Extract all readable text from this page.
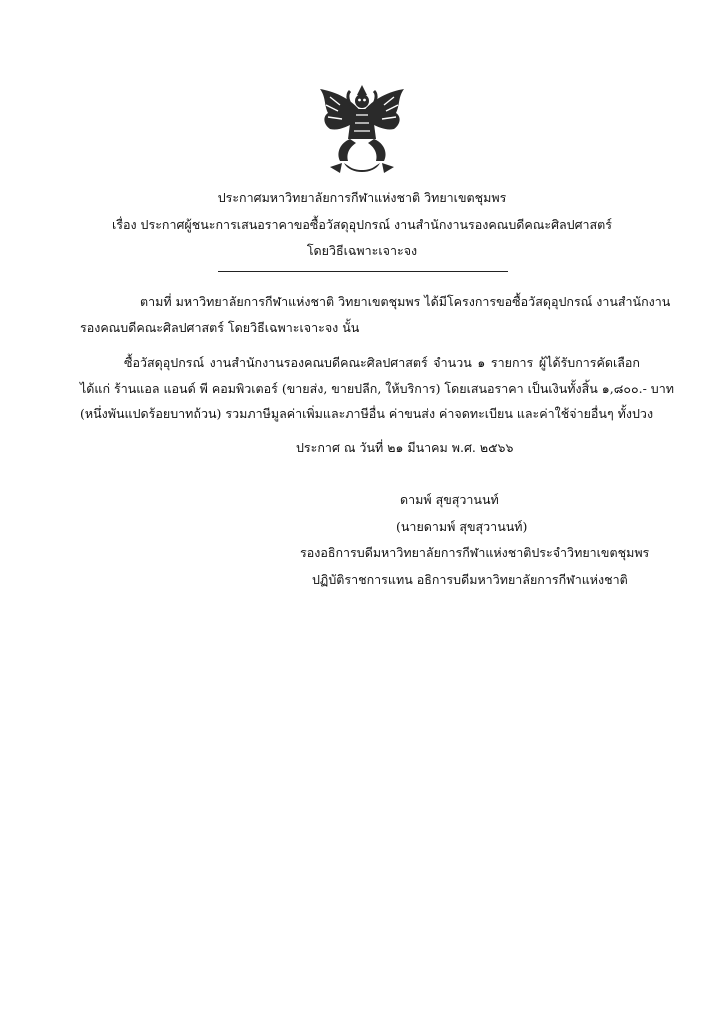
ประกาศมหาวิทยาลัยการกีฬาแห่งชาติ วิทยาเขตชุมพร
เรื่อง ประกาศผู้ชนะการเสนอราคาขอซื้อวัสดุอุปกรณ์ งานสำนักงานรองคณบดีคณะศิลปศาสตร์
โดยวิธีเฉพาะเจาะจง
ตามที่ มหาวิทยาลัยการกีฬาแห่งชาติ วิทยาเขตชุมพร ได้มีโครงการขอซื้อวัสดุอุปกรณ์ งานสำนักงาน
รองคณบดีคณะศิลปศาสตร์ โดยวิธีเฉพาะเจาะจง นั้น
ซื้อวัสดุอุปกรณ์ งานสำนักงานรองคณบดีคณะศิลปศาสตร์ จำนวน ๑ รายการ ผู้ได้รับการคัดเลือก
ได้แก่ ร้านแอล แอนด์ พี คอมพิวเตอร์ (ขายส่ง, ขายปลีก, ให้บริการ) โดยเสนอราคา เป็นเงินทั้งสิ้น ๑,๘๐๐.- บาท
(หนึ่งพันแปดร้อยบาทถ้วน) รวมภาษีมูลค่าเพิ่มและภาษีอื่น ค่าขนส่ง ค่าจดทะเบียน และค่าใช้จ่ายอื่นๆ ทั้งปวง
ประกาศ ณ วันที่ ๒๑ มีนาคม พ.ศ. ๒๕๖๖
ดามพ์ สุขสุวานนท์
(นายดามพ์ สุขสุวานนท์)
รองอธิการบดีมหาวิทยาลัยการกีฬาแห่งชาติประจำวิทยาเขตชุมพร
ปฏิบัติราชการแทน อธิการบดีมหาวิทยาลัยการกีฬาแห่งชาติ
